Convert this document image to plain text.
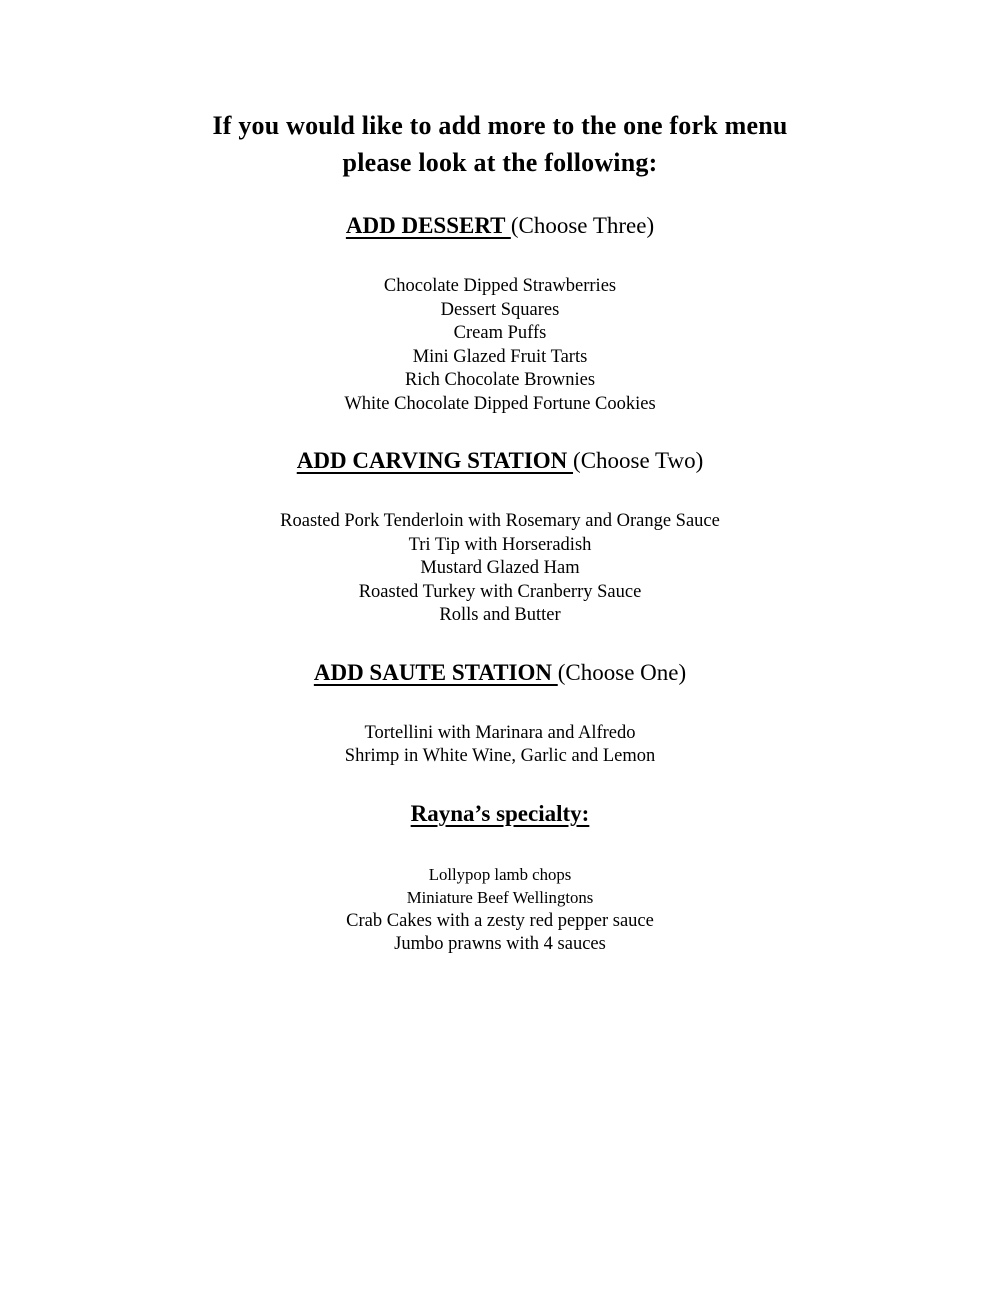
If you would like to add more to the one fork menu
please look at the following:
ADD DESSERT (Choose Three)

Chocolate Dipped Strawberries

Dessert Squares

Cream Puffs

Mini Glazed Fruit Tarts

Rich Chocolate Brownies

White Chocolate Dipped Fortune Cookies

ADD CARVING STATION (Choose Two)

Roasted Pork Tenderloin with Rosemary and Orange Sauce

Tri Tip with Horseradish

Mustard Glazed Ham

Roasted Turkey with Cranberry Sauce

Rolls and Butter

ADD SAUTE STATION (Choose One)

Tortellini with Marinara and Alfredo

Shrimp in White Wine, Garlic and Lemon

Rayna’s specialty:

Lollypop lamb chops

Miniature Beef Wellingtons

Crab Cakes with a zesty red pepper sauce

Jumbo prawns with 4 sauces
